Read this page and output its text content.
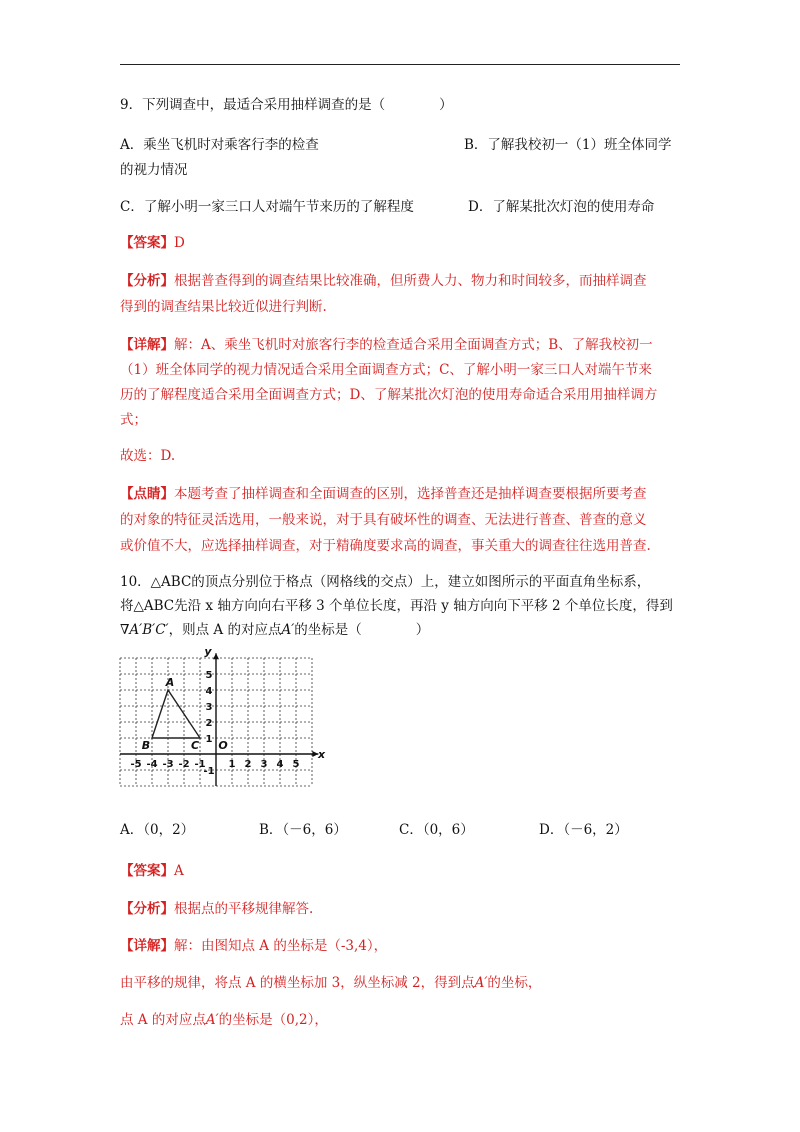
9．下列调查中，最适合采用抽样调查的是（　　　　）
A．乘坐飞机时对乘客行李的检查	B．了解我校初一（1）班全体同学
的视力情况
C．了解小明一家三口人对端午节来历的了解程度	D．了解某批次灯泡的使用寿命
【答案】D
【分析】根据普查得到的调查结果比较准确，但所费人力、物力和时间较多，而抽样调查
得到的调查结果比较近似进行判断.
【详解】解：A、乘坐飞机时对旅客行李的检查适合采用全面调查方式；B、了解我校初一
（1）班全体同学的视力情况适合采用全面调查方式；C、了解小明一家三口人对端午节来
历的了解程度适合采用全面调查方式；D、了解某批次灯泡的使用寿命适合采用用抽样调方
式；
故选：D.
【点睛】本题考查了抽样调查和全面调查的区别，选择普查还是抽样调查要根据所要考查
的对象的特征灵活选用，一般来说，对于具有破坏性的调查、无法进行普查、普查的意义
或价值不大，应选择抽样调查，对于精确度要求高的调查，事关重大的调查往往选用普查.
10．△ABC的顶点分别位于格点（网格线的交点）上，建立如图所示的平面直角坐标系，
将△ABC先沿 x 轴方向向右平移 3 个单位长度，再沿 y 轴方向向下平移 2 个单位长度，得到
∇A′B′C′，则点 A 的对应点A′的坐标是（　　　　）
-5 -4 -3 -2 -1 1 2 3 4 5
5
4
3
2
1
-1
x
y
O
A
B	C
A．（0，2）	B．（－6，6）	C．（0，6）	D．（－6，2）
【答案】A
【分析】根据点的平移规律解答.
【详解】解：由图知点 A 的坐标是（-3,4），
由平移的规律，将点 A 的横坐标加 3，纵坐标减 2，得到点A′的坐标，
点 A 的对应点A′的坐标是（0,2），
